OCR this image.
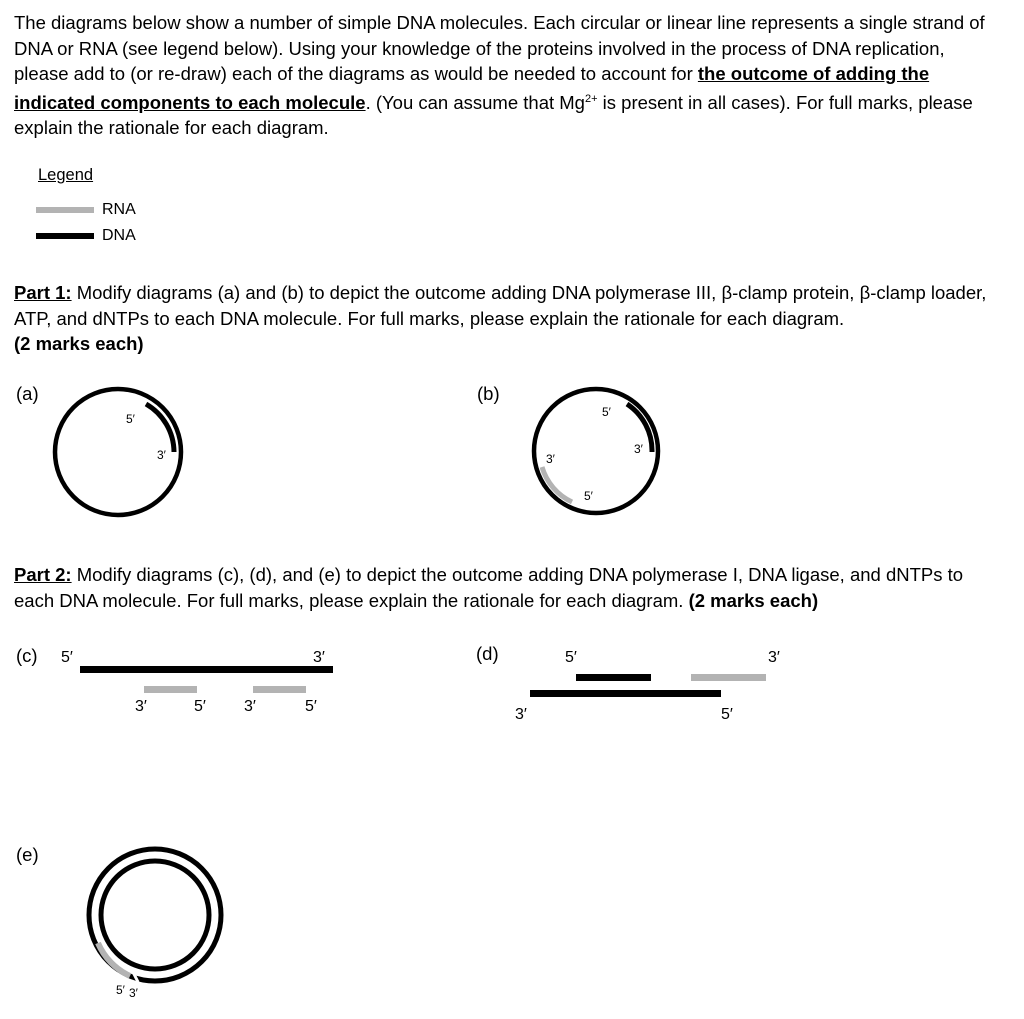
The diagrams below show a number of simple DNA molecules. Each circular or linear line represents a single strand of DNA or RNA (see legend below). Using your knowledge of the proteins involved in the process of DNA replication, please add to (or re-draw) each of the diagrams as would be needed to account for the outcome of adding the indicated components to each molecule. (You can assume that $Mg^{2+}$ is present in all cases). For full marks, please explain the rationale for each diagram.
Legend
RNA
DNA
Part 1: Modify diagrams (a) and (b) to depict the outcome adding DNA polymerase III, β-clamp protein, β-clamp loader, ATP, and dNTPs to each DNA molecule. For full marks, please explain the rationale for each diagram.
(2 marks each)
Part 2: Modify diagrams (c), (d), and (e) to depict the outcome adding DNA polymerase I, DNA ligase, and dNTPs to each DNA molecule. For full marks, please explain the rationale for each diagram. (2 marks each)
(a)
5′
3′
(b)
5′
3′
3′
5′
(c) 5′	3′
3′	5′ 3′	5′
(d)	5′	3′
3′	5′
(e)
5′ 3′
